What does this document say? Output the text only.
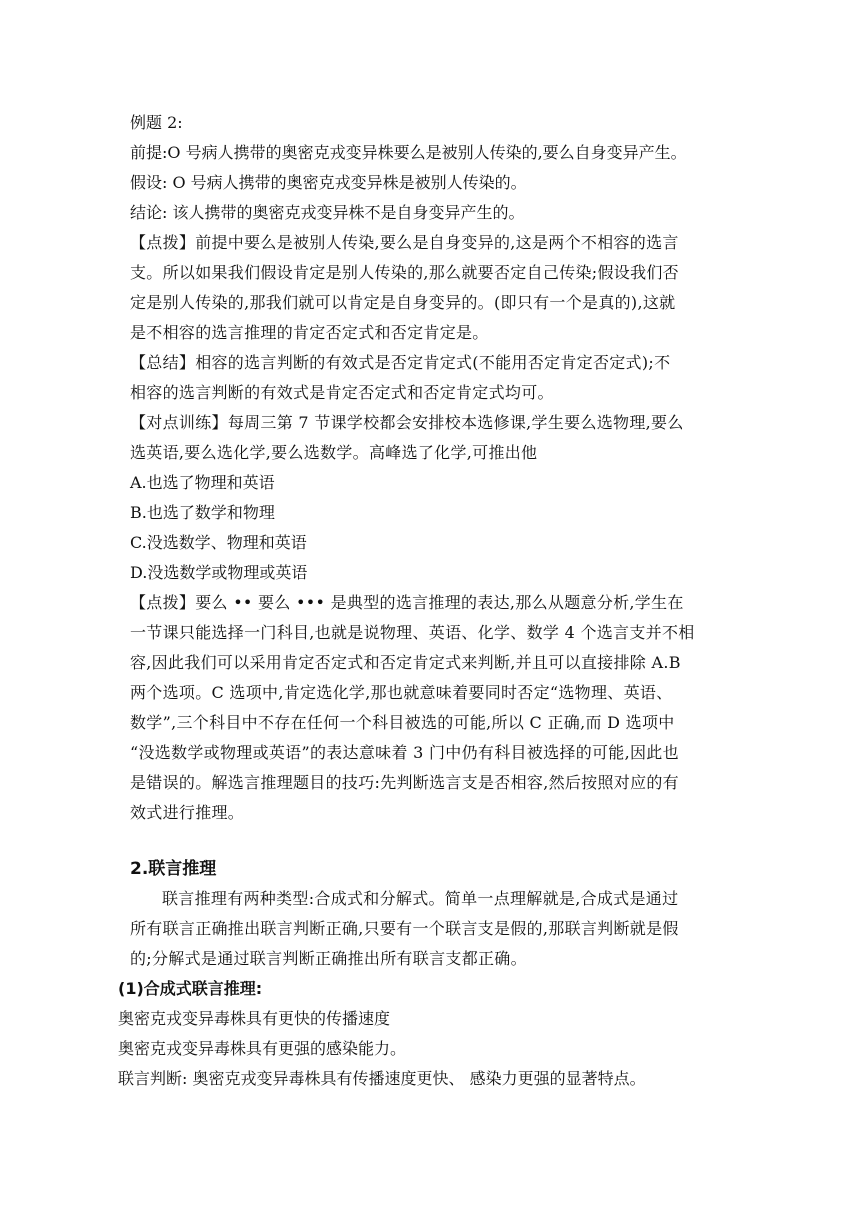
例题 2:
前提:O 号病人携带的奥密克戎变异株要么是被别人传染的,要么自身变异产生。
假设: O 号病人携带的奥密克戎变异株是被别人传染的。
结论: 该人携带的奥密克戎变异株不是自身变异产生的。
【点拨】前提中要么是被别人传染,要么是自身变异的,这是两个不相容的选言
支。所以如果我们假设肯定是别人传染的,那么就要否定自己传染;假设我们否
定是别人传染的,那我们就可以肯定是自身变异的。(即只有一个是真的),这就
是不相容的选言推理的肯定否定式和否定肯定是。
【总结】相容的选言判断的有效式是否定肯定式(不能用否定肯定否定式);不
相容的选言判断的有效式是肯定否定式和否定肯定式均可。
【对点训练】每周三第 7 节课学校都会安排校本选修课,学生要么选物理,要么
选英语,要么选化学,要么选数学。高峰选了化学,可推出他
A.也选了物理和英语
B.也选了数学和物理
C.没选数学、物理和英语
D.没选数学或物理或英语
【点拨】要么 •• 要么 ••• 是典型的选言推理的表达,那么从题意分析,学生在
一节课只能选择一门科目,也就是说物理、英语、化学、数学 4 个选言支并不相
容,因此我们可以采用肯定否定式和否定肯定式来判断,并且可以直接排除 A.B
两个选项。C 选项中,肯定选化学,那也就意味着要同时否定“选物理、英语、
数学”,三个科目中不存在任何一个科目被选的可能,所以 C 正确,而 D 选项中
“没选数学或物理或英语”的表达意味着 3 门中仍有科目被选择的可能,因此也
是错误的。解选言推理题目的技巧:先判断选言支是否相容,然后按照对应的有
效式进行推理。
2.联言推理
联言推理有两种类型:合成式和分解式。简单一点理解就是,合成式是通过
所有联言正确推出联言判断正确,只要有一个联言支是假的,那联言判断就是假
的;分解式是通过联言判断正确推出所有联言支都正确。
(1)合成式联言推理:
奥密克戎变异毒株具有更快的传播速度
奥密克戎变异毒株具有更强的感染能力。
联言判断: 奥密克戎变异毒株具有传播速度更快、 感染力更强的显著特点。
